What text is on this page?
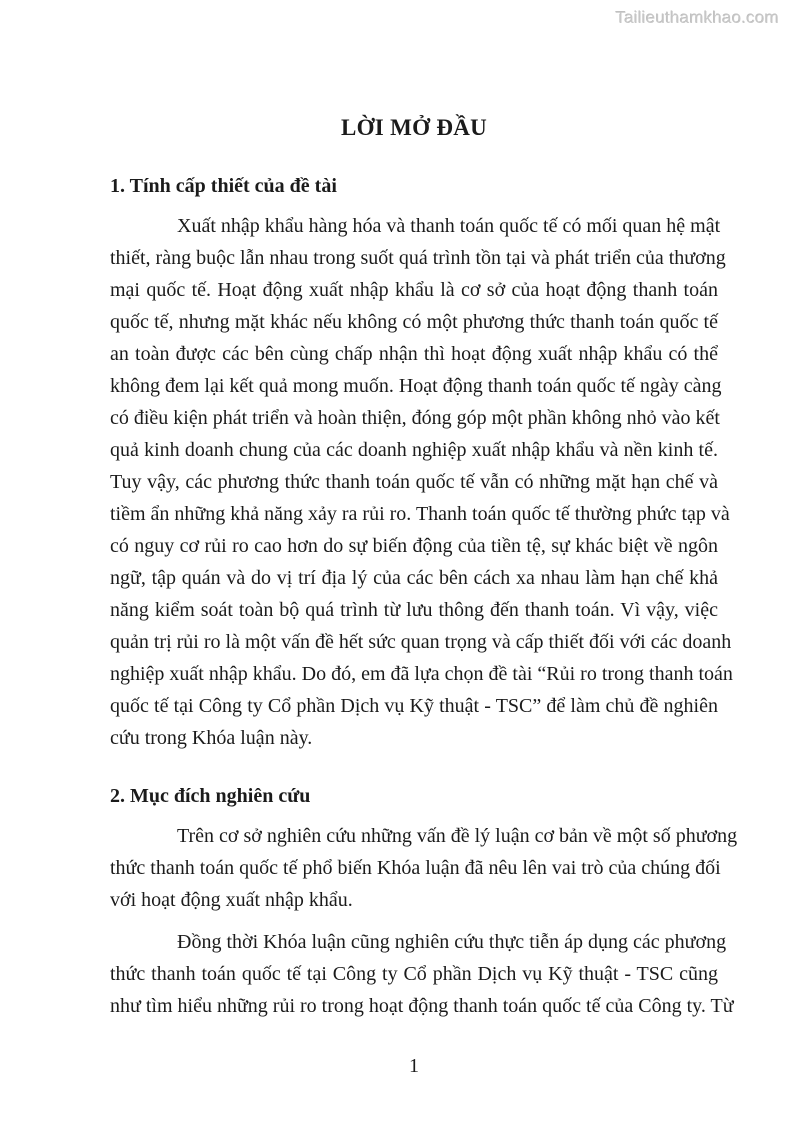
Tailieuthamkhao.com
LỜI MỞ ĐẦU
1. Tính cấp thiết của đề tài
Xuất nhập khẩu hàng hóa và thanh toán quốc tế có mối quan hệ mật
thiết, ràng buộc lẫn nhau trong suốt quá trình tồn tại và phát triển của thương
mại quốc tế. Hoạt động xuất nhập khẩu là cơ sở của hoạt động thanh toán
quốc tế, nhưng mặt khác nếu không có một phương thức thanh toán quốc tế
an toàn được các bên cùng chấp nhận thì hoạt động xuất nhập khẩu có thể
không đem lại kết quả mong muốn. Hoạt động thanh toán quốc tế ngày càng
có điều kiện phát triển và hoàn thiện, đóng góp một phần không nhỏ vào kết
quả kinh doanh chung của các doanh nghiệp xuất nhập khẩu và nền kinh tế.
Tuy vậy, các phương thức thanh toán quốc tế vẫn có những mặt hạn chế và
tiềm ẩn những khả năng xảy ra rủi ro. Thanh toán quốc tế thường phức tạp và
có nguy cơ rủi ro cao hơn do sự biến động của tiền tệ, sự khác biệt về ngôn
ngữ, tập quán và do vị trí địa lý của các bên cách xa nhau làm hạn chế khả
năng kiểm soát toàn bộ quá trình từ lưu thông đến thanh toán. Vì vậy, việc
quản trị rủi ro là một vấn đề hết sức quan trọng và cấp thiết đối với các doanh
nghiệp xuất nhập khẩu. Do đó, em đã lựa chọn đề tài “Rủi ro trong thanh toán
quốc tế tại Công ty Cổ phần Dịch vụ Kỹ thuật - TSC” để làm chủ đề nghiên
cứu trong Khóa luận này.
2. Mục đích nghiên cứu
Trên cơ sở nghiên cứu những vấn đề lý luận cơ bản về một số phương
thức thanh toán quốc tế phổ biến Khóa luận đã nêu lên vai trò của chúng đối
với hoạt động xuất nhập khẩu.
Đồng thời Khóa luận cũng nghiên cứu thực tiễn áp dụng các phương
thức thanh toán quốc tế tại Công ty Cổ phần Dịch vụ Kỹ thuật - TSC cũng
như tìm hiểu những rủi ro trong hoạt động thanh toán quốc tế của Công ty. Từ
1
